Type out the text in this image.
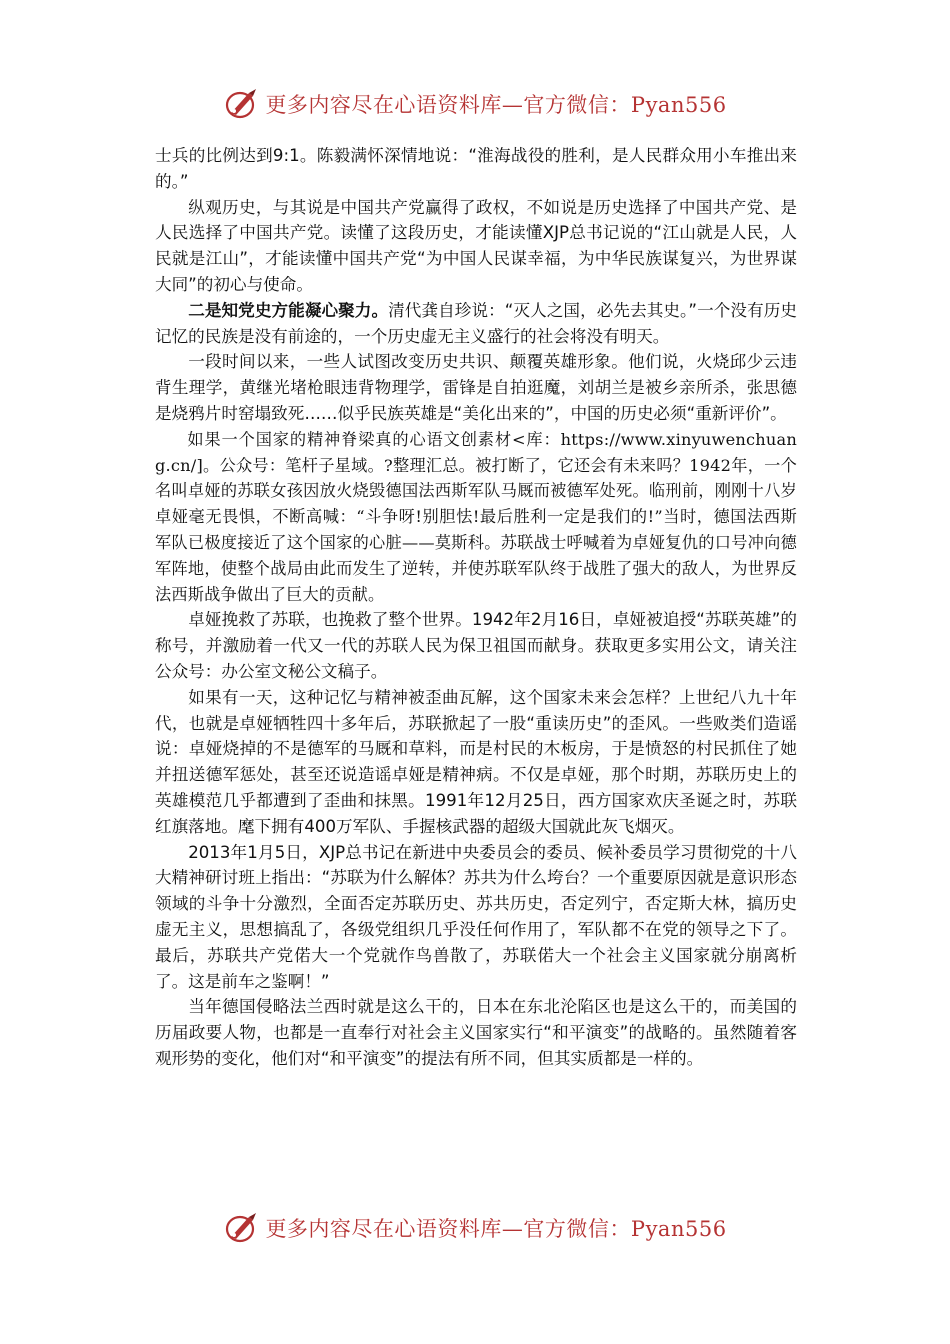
更多内容尽在心语资料库—官方微信：Pyan556

士兵的比例达到9:1。陈毅满怀深情地说：“淮海战役的胜利，是人民群众用小车推出来的。”

纵观历史，与其说是中国共产党赢得了政权，不如说是历史选择了中国共产党、是人民选择了中国共产党。读懂了这段历史，才能读懂XJP总书记说的“江山就是人民，人民就是江山”，才能读懂中国共产党“为中国人民谋幸福，为中华民族谋复兴，为世界谋大同”的初心与使命。

二是知党史方能凝心聚力。清代龚自珍说：“灭人之国，必先去其史。”一个没有历史记忆的民族是没有前途的，一个历史虚无主义盛行的社会将没有明天。

一段时间以来，一些人试图改变历史共识、颠覆英雄形象。他们说，火烧邱少云违背生理学，黄继光堵枪眼违背物理学，雷锋是自拍逛魔，刘胡兰是被乡亲所杀，张思德是烧鸦片时窑塌致死……似乎民族英雄是“美化出来的”，中国的历史必须“重新评价”。

如果一个国家的精神脊梁真的心语文创素材<库：https://www.xinyuwenchuang.cn/]。公众号：笔杆子星域。?整理汇总。被打断了，它还会有未来吗？1942年，一个名叫卓娅的苏联女孩因放火烧毁德国法西斯军队马厩而被德军处死。临刑前，刚刚十八岁卓娅毫无畏惧，不断高喊：“斗争呀!别胆怯!最后胜利一定是我们的!”当时，德国法西斯军队已极度接近了这个国家的心脏——莫斯科。苏联战士呼喊着为卓娅复仇的口号冲向德军阵地，使整个战局由此而发生了逆转，并使苏联军队终于战胜了强大的敌人，为世界反法西斯战争做出了巨大的贡献。

卓娅挽救了苏联，也挽救了整个世界。1942年2月16日，卓娅被追授“苏联英雄”的称号，并激励着一代又一代的苏联人民为保卫祖国而献身。获取更多实用公文，请关注公众号：办公室文秘公文稿子。

如果有一天，这种记忆与精神被歪曲瓦解，这个国家未来会怎样？上世纪八九十年代，也就是卓娅牺牲四十多年后，苏联掀起了一股“重读历史”的歪风。一些败类们造谣说：卓娅烧掉的不是德军的马厩和草料，而是村民的木板房，于是愤怒的村民抓住了她并扭送德军惩处，甚至还说造谣卓娅是精神病。不仅是卓娅，那个时期，苏联历史上的英雄模范几乎都遭到了歪曲和抹黑。1991年12月25日，西方国家欢庆圣诞之时，苏联红旗落地。麾下拥有400万军队、手握核武器的超级大国就此灰飞烟灭。

2013年1月5日，XJP总书记在新进中央委员会的委员、候补委员学习贯彻党的十八大精神研讨班上指出：“苏联为什么解体？苏共为什么垮台？一个重要原因就是意识形态领域的斗争十分激烈，全面否定苏联历史、苏共历史，否定列宁，否定斯大林，搞历史虚无主义，思想搞乱了，各级党组织几乎没任何作用了，军队都不在党的领导之下了。最后，苏联共产党偌大一个党就作鸟兽散了，苏联偌大一个社会主义国家就分崩离析了。这是前车之鉴啊！”

当年德国侵略法兰西时就是这么干的，日本在东北沦陷区也是这么干的，而美国的历届政要人物，也都是一直奉行对社会主义国家实行“和平演变”的战略的。虽然随着客观形势的变化，他们对“和平演变”的提法有所不同，但其实质都是一样的。

更多内容尽在心语资料库—官方微信：Pyan556
